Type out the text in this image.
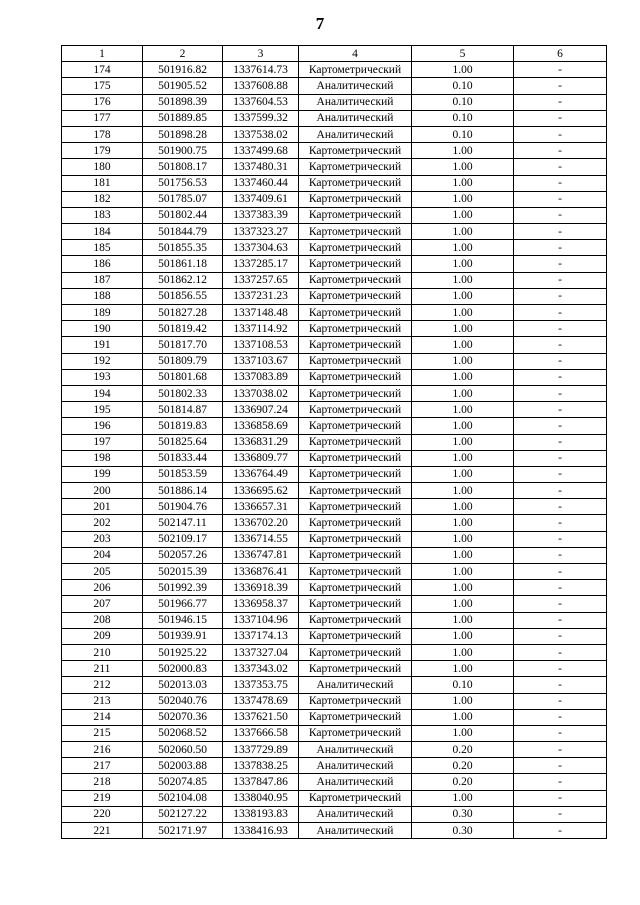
7
1	2	3	4	5	6
174	501916.82	1337614.73	Картометрический	1.00	-
175	501905.52	1337608.88	Аналитический	0.10	-
176	501898.39	1337604.53	Аналитический	0.10	-
177	501889.85	1337599.32	Аналитический	0.10	-
178	501898.28	1337538.02	Аналитический	0.10	-
179	501900.75	1337499.68	Картометрический	1.00	-
180	501808.17	1337480.31	Картометрический	1.00	-
181	501756.53	1337460.44	Картометрический	1.00	-
182	501785.07	1337409.61	Картометрический	1.00	-
183	501802.44	1337383.39	Картометрический	1.00	-
184	501844.79	1337323.27	Картометрический	1.00	-
185	501855.35	1337304.63	Картометрический	1.00	-
186	501861.18	1337285.17	Картометрический	1.00	-
187	501862.12	1337257.65	Картометрический	1.00	-
188	501856.55	1337231.23	Картометрический	1.00	-
189	501827.28	1337148.48	Картометрический	1.00	-
190	501819.42	1337114.92	Картометрический	1.00	-
191	501817.70	1337108.53	Картометрический	1.00	-
192	501809.79	1337103.67	Картометрический	1.00	-
193	501801.68	1337083.89	Картометрический	1.00	-
194	501802.33	1337038.02	Картометрический	1.00	-
195	501814.87	1336907.24	Картометрический	1.00	-
196	501819.83	1336858.69	Картометрический	1.00	-
197	501825.64	1336831.29	Картометрический	1.00	-
198	501833.44	1336809.77	Картометрический	1.00	-
199	501853.59	1336764.49	Картометрический	1.00	-
200	501886.14	1336695.62	Картометрический	1.00	-
201	501904.76	1336657.31	Картометрический	1.00	-
202	502147.11	1336702.20	Картометрический	1.00	-
203	502109.17	1336714.55	Картометрический	1.00	-
204	502057.26	1336747.81	Картометрический	1.00	-
205	502015.39	1336876.41	Картометрический	1.00	-
206	501992.39	1336918.39	Картометрический	1.00	-
207	501966.77	1336958.37	Картометрический	1.00	-
208	501946.15	1337104.96	Картометрический	1.00	-
209	501939.91	1337174.13	Картометрический	1.00	-
210	501925.22	1337327.04	Картометрический	1.00	-
211	502000.83	1337343.02	Картометрический	1.00	-
212	502013.03	1337353.75	Аналитический	0.10	-
213	502040.76	1337478.69	Картометрический	1.00	-
214	502070.36	1337621.50	Картометрический	1.00	-
215	502068.52	1337666.58	Картометрический	1.00	-
216	502060.50	1337729.89	Аналитический	0.20	-
217	502003.88	1337838.25	Аналитический	0.20	-
218	502074.85	1337847.86	Аналитический	0.20	-
219	502104.08	1338040.95	Картометрический	1.00	-
220	502127.22	1338193.83	Аналитический	0.30	-
221	502171.97	1338416.93	Аналитический	0.30	-
